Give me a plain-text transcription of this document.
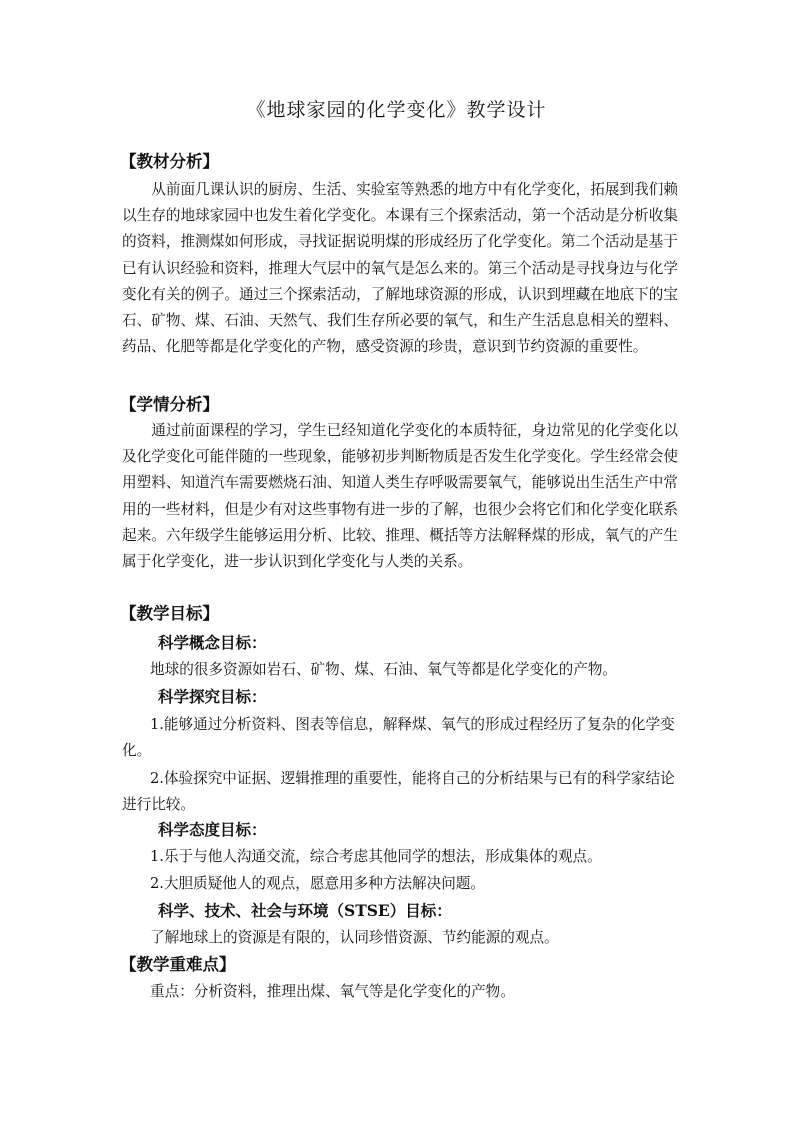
《地球家园的化学变化》教学设计
【教材分析】

从前面几课认识的厨房、生活、实验室等熟悉的地方中有化学变化，拓展到我们赖以生存的地球家园中也发生着化学变化。本课有三个探索活动，第一个活动是分析收集的资料，推测煤如何形成，寻找证据说明煤的形成经历了化学变化。第二个活动是基于已有认识经验和资料，推理大气层中的氧气是怎么来的。第三个活动是寻找身边与化学变化有关的例子。通过三个探索活动，了解地球资源的形成，认识到埋藏在地底下的宝石、矿物、煤、石油、天然气、我们生存所必要的氧气，和生产生活息息相关的塑料、药品、化肥等都是化学变化的产物，感受资源的珍贵，意识到节约资源的重要性。

【学情分析】

通过前面课程的学习，学生已经知道化学变化的本质特征，身边常见的化学变化以及化学变化可能伴随的一些现象，能够初步判断物质是否发生化学变化。学生经常会使用塑料、知道汽车需要燃烧石油、知道人类生存呼吸需要氧气，能够说出生活生产中常用的一些材料，但是少有对这些事物有进一步的了解，也很少会将它们和化学变化联系起来。六年级学生能够运用分析、比较、推理、概括等方法解释煤的形成，氧气的产生属于化学变化，进一步认识到化学变化与人类的关系。

【教学目标】
科学概念目标：
地球的很多资源如岩石、矿物、煤、石油、氧气等都是化学变化的产物。
科学探究目标：

1.能够通过分析资料、图表等信息，解释煤、氧气的形成过程经历了复杂的化学变化。

2.体验探究中证据、逻辑推理的重要性，能将自己的分析结果与已有的科学家结论进行比较。

科学态度目标：
1.乐于与他人沟通交流，综合考虑其他同学的想法，形成集体的观点。
2.大胆质疑他人的观点，愿意用多种方法解决问题。
科学、技术、社会与环境（STSE）目标：
了解地球上的资源是有限的，认同珍惜资源、节约能源的观点。
【教学重难点】
重点：分析资料，推理出煤、氧气等是化学变化的产物。
